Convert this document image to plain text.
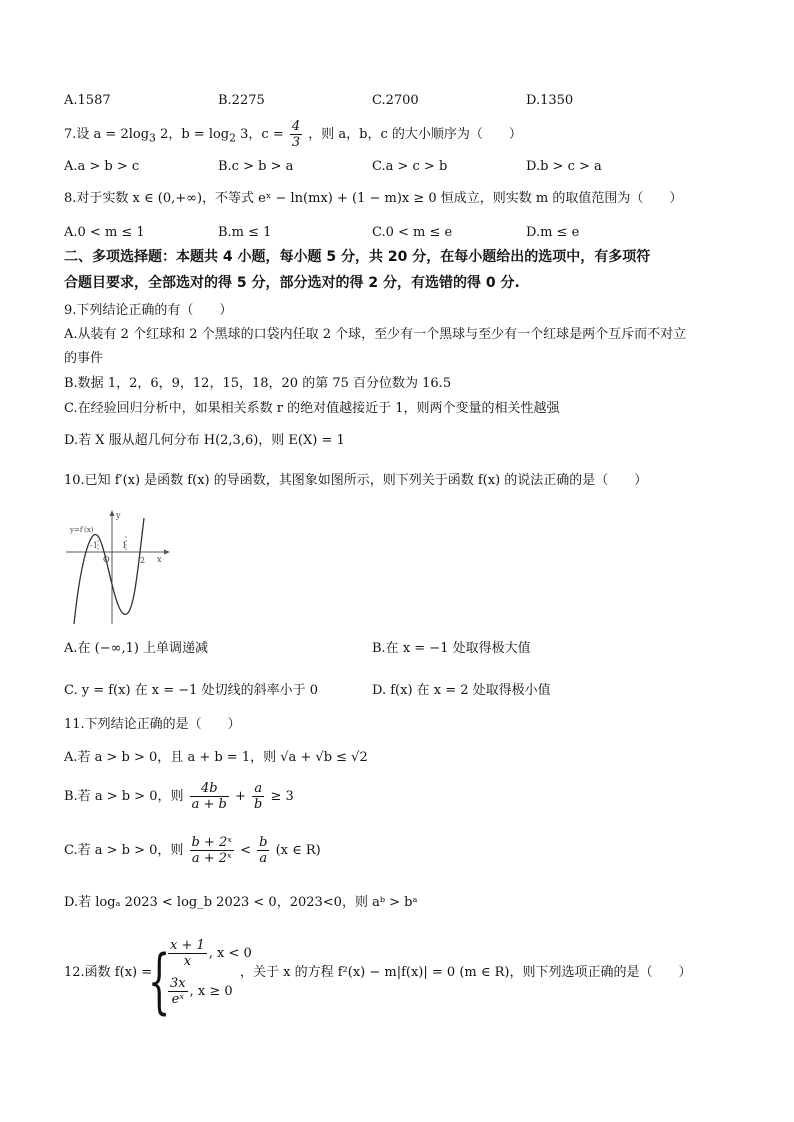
A.1587	B.2275	C.2700	D.1350
7.设 $a = 2\log_3$ 2，$b = \log_2 3$，$c = \frac{4}{3}$ ，则 a，b，c 的大小顺序为（　　）
A.a > b > c	B.c > b > a	C.a > c > b	D.b > c > a
8.对于实数 x ∈ (0,+∞)，不等式 eˣ − ln(mx) + (1 − m)x ≥ 0 恒成立，则实数 m 的取值范围为（　　）
A.0 < m ≤ 1	B.m ≤ 1	C.0 < m ≤ e	D.m ≤ e
二、多项选择题：本题共 4 小题，每小题 5 分，共 20 分，在每小题给出的选项中，有多项符
合题目要求，全部选对的得 5 分，部分选对的得 2 分，有选错的得 0 分.
9.下列结论正确的有（　　）
A.从装有 2 个红球和 2 个黑球的口袋内任取 2 个球，至少有一个黑球与至少有一个红球是两个互斥而不对立
的事件
B.数据 1，2，6，9，12，15，18，20 的第 75 百分位数为 16.5
C.在经验回归分析中，如果相关系数 r 的绝对值越接近于 1，则两个变量的相关性越强
D.若 X 服从超几何分布 H(2,3,6)，则 E(X) = 1
10.已知 f′(x) 是函数 f(x) 的导函数，其图象如图所示，则下列关于函数 f(x) 的说法正确的是（　　）
y
y=f′(x)
-1	1
O	2 x
A.在 (−∞,1) 上单调递减	B.在 x = −1 处取得极大值
C. y = f(x) 在 x = −1 处切线的斜率小于 0	D. f(x) 在 x = 2 处取得极小值
11.下列结论正确的是（　　）
A.若 a > b > 0，且 a + b = 1，则 √a + √b ≤ √2
B.若 a > b > 0，则 $\frac{4b}{a + b} + \frac{a}{b} \ge 3$
C.若 a > b > 0，则 $\frac{\text{b + 2ˣ}}{\text{a + 2ˣ}} < \frac{b}{a} (x$ ∈ R)
D.若 logₐ 2023 < log_b 2023 < 0，2023<0，则 aᵇ > bᵃ
12.函数 f(x) =
{
$\frac{x + 1}{x}$ , x < 0
$\frac{3x}{\text{eˣ}}$ , x ≥ 0
，关于 x 的方程 f²(x) − m|f(x)| = 0 (m ∈ R)，则下列选项正确的是（　　）
